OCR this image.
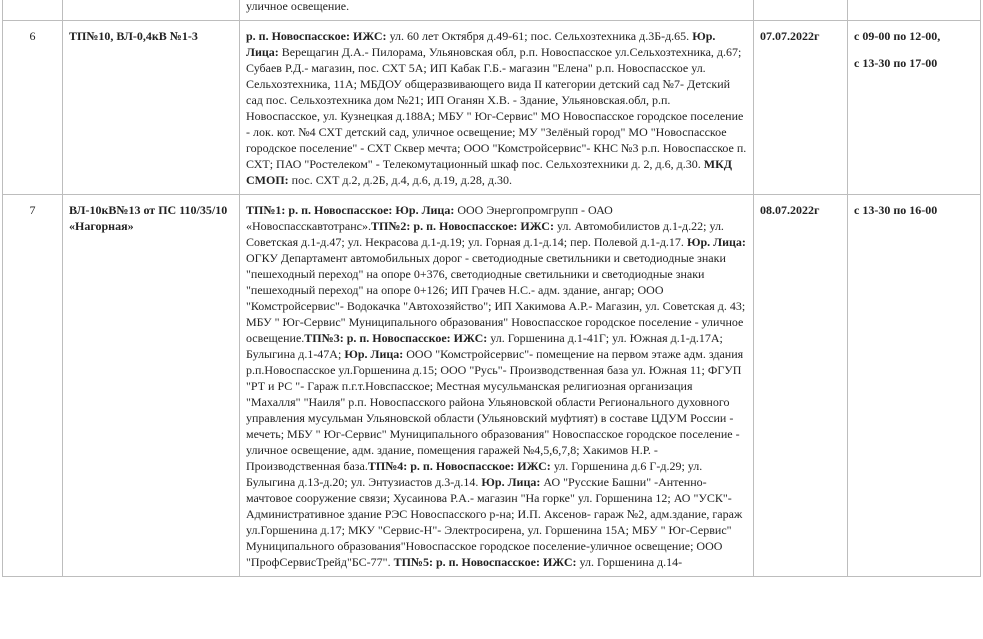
уличное освещение.		
6	ТП№10, ВЛ-0,4кВ №1-3	р. п. Новоспасское: ИЖС: ул. 60 лет Октября д.49-61; пос. Сельхозтехника д.3Б-д.65. Юр. Лица: Верещагин Д.А.- Пилорама, Ульяновская обл, р.п. Новоспасское ул.Сельхозтехника, д.67; Субаев Р.Д.- магазин, пос. СХТ 5А; ИП Кабак Г.Б.- магазин "Елена" р.п. Новоспасское ул. Сельхозтехника, 11А; МБДОУ общеразвивающего вида II категории детский сад №7- Детский сад пос. Сельхозтехника дом №21; ИП Оганян Х.В. - Здание, Ульяновская.обл, р.п. Новоспасское, ул. Кузнецкая д.188А; МБУ " Юг-Сервис" МО Новоспасское городское поселение - лок. кот. №4 СХТ детский сад, уличное освещение; МУ "Зелёный город" МО "Новоспасское городское поселение" - СХТ Сквер мечта; ООО "Комстройсервис"- КНС №3 р.п. Новоспасское п. СХТ; ПАО "Ростелеком" - Телекомутационный шкаф пос. Сельхозтехники д. 2, д.6, д.30. МКД СМОП: пос. СХТ д.2, д.2Б, д.4, д.6, д.19, д.28, д.30.	07.07.2022г	с 09-00 по 12-00,
с 13-30 по 17-00

7	ВЛ-10кВ№13 от ПС 110/35/10 «Нагорная»	ТП№1: р. п. Новоспасское: Юр. Лица: ООО Энергопромгрупп - ОАО «Новоспасскавтотранс».ТП№2: р. п. Новоспасское: ИЖС: ул. Автомобилистов д.1-д.22; ул. Советская д.1-д.47; ул. Некрасова д.1-д.19; ул. Горная д.1-д.14; пер. Полевой д.1-д.17. Юр. Лица: ОГКУ Департамент автомобильных дорог - светодиодные светильники и светодиодные знаки "пешеходный переход" на опоре 0+376, светодиодные светильники и светодиодные знаки "пешеходный переход" на опоре 0+126; ИП Грачев Н.С.- адм. здание, ангар; ООО "Комстройсервис"- Водокачка "Автохозяйство"; ИП Хакимова А.Р.- Магазин, ул. Советская д. 43; МБУ " Юг-Сервис" Муниципального образования" Новоспасское городское поселение - уличное освещение.ТП№3: р. п. Новоспасское: ИЖС: ул. Горшенина д.1-41Г; ул. Южная д.1-д.17А; Булыгина д.1-47А; Юр. Лица: ООО "Комстройсервис"- помещение на первом этаже адм. здания р.п.Новоспасское ул.Горшенина д.15; ООО "Русь"- Производственная база ул. Южная 11; ФГУП "РТ и РС "- Гараж п.г.т.Новспасское; Местная мусульманская религиозная организация "Махалля" "Наиля" р.п. Новоспасского района Ульяновской области Регионального духовного управления мусульман Ульяновской области (Ульяновский муфтият) в составе ЦДУМ России - мечеть; МБУ " Юг-Сервис" Муниципального образования" Новоспасское городское поселение - уличное освещение, адм. здание, помещения гаражей №4,5,6,7,8; Хакимов Н.Р. - Производственная база.ТП№4: р. п. Новоспасское: ИЖС: ул. Горшенина д.6 Г-д.29; ул. Булыгина д.13-д.20; ул. Энтузиастов д.3-д.14. Юр. Лица: АО "Русские Башни" -Антенно-мачтовое сооружение связи; Хусаинова Р.А.- магазин "На горке" ул. Горшенина 12; АО "УСК"- Административное здание РЭС Новоспасского р-на; И.П. Аксенов- гараж №2, адм.здание, гараж ул.Горшенина д.17; МКУ "Сервис-Н"- Электросирена, ул. Горшенина 15А; МБУ " Юг-Сервис" Муниципального образования"Новоспасское городское поселение-уличное освещение; ООО "ПрофСервисТрейд"БС-77". ТП№5: р. п. Новоспасское: ИЖС: ул. Горшенина д.14-	08.07.2022г	с 13-30 по 16-00
